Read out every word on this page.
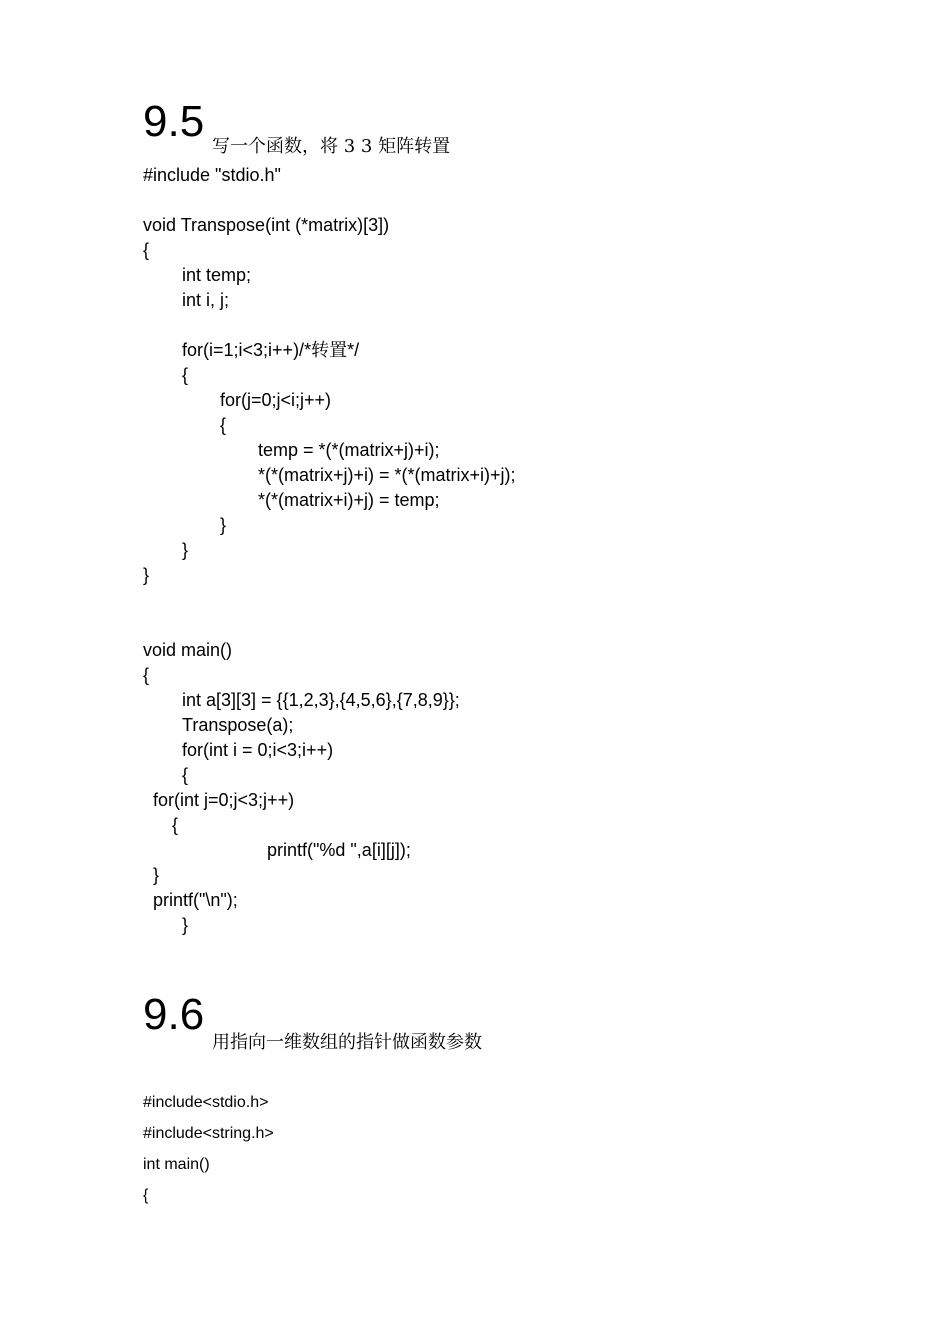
9.5
写一个函数，将 3 3 矩阵转置
#include "stdio.h"
void Transpose(int (*matrix)[3])
{
int temp;
int i, j;
for(i=1;i<3;i++)/*转置*/
{
for(j=0;j<i;j++)
{
temp = *(*(matrix+j)+i);
*(*(matrix+j)+i) = *(*(matrix+i)+j);
*(*(matrix+i)+j) = temp;
}
}
}
void main()
{
int a[3][3] = {{1,2,3},{4,5,6},{7,8,9}};
Transpose(a);
for(int i = 0;i<3;i++)
{
for(int j=0;j<3;j++)
{
printf("%d ",a[i][j]);
}
printf("\n");
}
9.6
用指向一维数组的指针做函数参数
#include<stdio.h>
#include<string.h>
int main()
{
